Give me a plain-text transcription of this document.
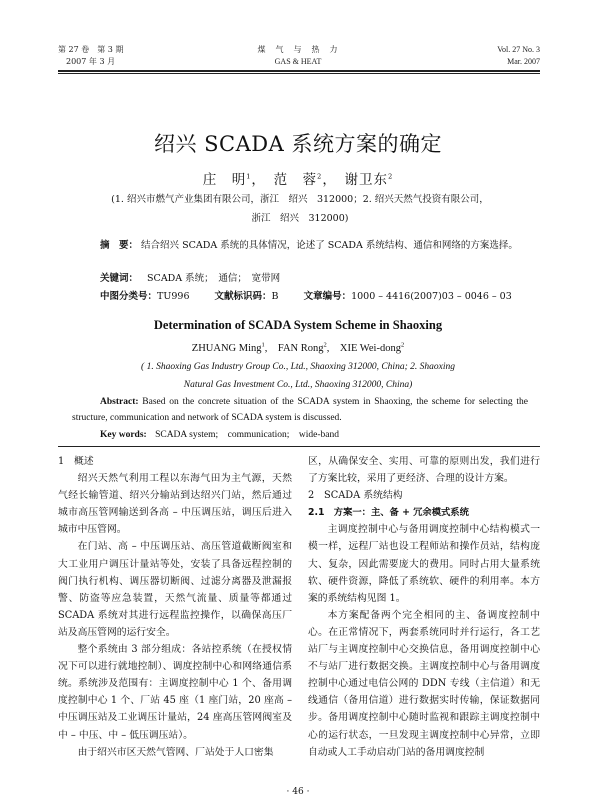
第 27 卷　第 3 期
2007 年 3 月
煤　气　与　热　力
GAS & HEAT
Vol. 27 No. 3
Mar. 2007
绍兴 SCADA 系统方案的确定
庄　明$^1$，　范　蓉$^2$，　谢卫东$^2$
(1. 绍兴市燃气产业集团有限公司，浙江　绍兴　312000；2. 绍兴天然气投资有限公司，
浙江　绍兴　312000)
摘　要： 结合绍兴 SCADA 系统的具体情况，论述了 SCADA 系统结构、通信和网络的方案选择。
关键词： SCADA 系统；　通信；　宽带网
中图分类号：TU996	文献标识码：B	文章编号：1000 – 4416(2007)03 – 0046 – 03
Determination of SCADA System Scheme in Shaoxing
ZHUANG Ming$^1$,　FAN Rong$^2$,　XIE Wei-dong$^2$
( 1. Shaoxing Gas Industry Group Co., Ltd., Shaoxing 312000, China; 2. Shaoxing
Natural Gas Investment Co., Ltd., Shaoxing 312000, China)
Abstract: Based on the concrete situation of the SCADA system in Shaoxing, the scheme for selecting the structure, communication and network of SCADA system is discussed.
Key words: SCADA system;　communication;　wide-band

1　概述

绍兴天然气利用工程以东海气田为主气源，天然气经长输管道、绍兴分输站到达绍兴门站，然后通过城市高压管网输送到各高 – 中压调压站，调压后进入城市中压管网。

在门站、高 – 中压调压站、高压管道截断阀室和大工业用户调压计量站等处，安装了具备远程控制的阀门执行机构、调压器切断阀、过滤分离器及泄漏报警、防盗等应急装置，天然气流量、质量等都通过 SCADA 系统对其进行远程监控操作，以确保高压厂站及高压管网的运行安全。

整个系统由 3 部分组成：各站控系统（在授权情况下可以进行就地控制）、调度控制中心和网络通信系统。系统涉及范围有：主调度控制中心 1 个、备用调度控制中心 1 个、厂站 45 座（1 座门站，20 座高 – 中压调压站及工业调压计量站，24 座高压管网阀室及中 – 中压、中 – 低压调压站）。

由于绍兴市区天然气管网、厂站处于人口密集

区，从确保安全、实用、可靠的原则出发，我们进行了方案比较，采用了更经济、合理的设计方案。

2　SCADA 系统结构

2.1　方案一：主、备 + 冗余模式系统

主调度控制中心与备用调度控制中心结构模式一模一样，远程厂站也设工程师站和操作员站，结构庞大、复杂，因此需要庞大的费用。同时占用大量系统软、硬件资源，降低了系统软、硬件的利用率。本方案的系统结构见图 1。

本方案配备两个完全相同的主、备调度控制中心。在正常情况下，两套系统同时并行运行，各工艺站厂与主调度控制中心交换信息，备用调度控制中心不与站厂进行数据交换。主调度控制中心与备用调度控制中心通过电信公网的 DDN 专线（主信道）和无线通信（备用信道）进行数据实时传输，保证数据同步。备用调度控制中心随时监视和跟踪主调度控制中心的运行状态，一旦发现主调度控制中心异常，立即自动或人工手动启动门站的备用调度控制

· 46 ·
